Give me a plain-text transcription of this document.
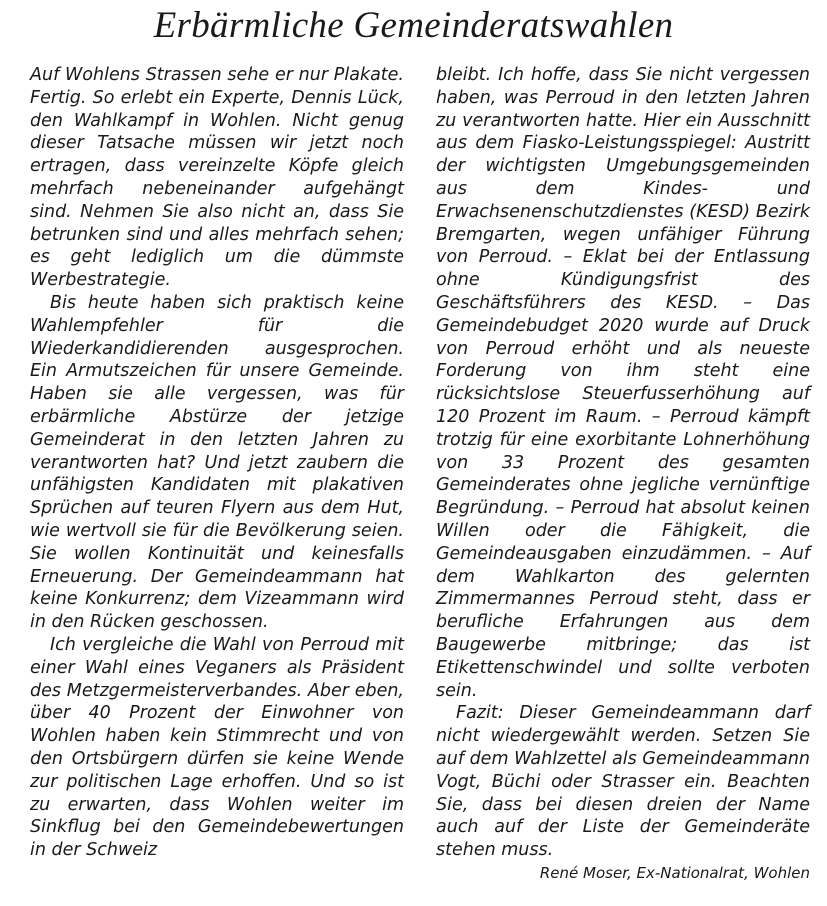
Erbärmliche Gemeinderatswahlen

Auf Wohlens Strassen sehe er nur Plakate. Fertig. So erlebt ein Experte, Dennis Lück, den Wahlkampf in Wohlen. Nicht genug dieser Tatsache müssen wir jetzt noch ertragen, dass vereinzelte Köpfe gleich mehrfach nebeneinander aufgehängt sind. Nehmen Sie also nicht an, dass Sie betrunken sind und alles mehrfach sehen; es geht lediglich um die dümmste Werbestrategie.

Bis heute haben sich praktisch keine Wahlempfehler für die Wiederkandidierenden ausgesprochen. Ein Armutszeichen für unsere Gemeinde. Haben sie alle vergessen, was für erbärmliche Abstürze der jetzige Gemeinderat in den letzten Jahren zu verantworten hat? Und jetzt zaubern die unfähigsten Kandidaten mit plakativen Sprüchen auf teuren Flyern aus dem Hut, wie wertvoll sie für die Bevölkerung seien. Sie wollen Kontinuität und keinesfalls Erneuerung. Der Gemeindeammann hat keine Konkurrenz; dem Vizeammann wird in den Rücken geschossen.

Ich vergleiche die Wahl von Perroud mit einer Wahl eines Veganers als Präsident des Metzgermeisterverbandes. Aber eben, über 40 Prozent der Einwohner von Wohlen haben kein Stimmrecht und von den Ortsbürgern dürfen sie keine Wende zur politischen Lage erhoffen. Und so ist zu erwarten, dass Wohlen weiter im Sinkflug bei den Gemeindebewertungen in der Schweiz

bleibt. Ich hoffe, dass Sie nicht vergessen haben, was Perroud in den letzten Jahren zu verantworten hatte. Hier ein Ausschnitt aus dem Fiasko-Leistungsspiegel: Austritt der wichtigsten Umgebungsgemeinden aus dem Kindes- und Erwachsenenschutzdienstes (KESD) Bezirk Bremgarten, wegen unfähiger Führung von Perroud. – Eklat bei der Entlassung ohne Kündigungsfrist des Geschäftsführers des KESD. – Das Gemeindebudget 2020 wurde auf Druck von Perroud erhöht und als neueste Forderung von ihm steht eine rücksichtslose Steuerfusserhöhung auf 120 Prozent im Raum. – Perroud kämpft trotzig für eine exorbitante Lohnerhöhung von 33 Prozent des gesamten Gemeinderates ohne jegliche vernünftige Begründung. – Perroud hat absolut keinen Willen oder die Fähigkeit, die Gemeindeausgaben einzudämmen. – Auf dem Wahlkarton des gelernten Zimmermannes Perroud steht, dass er berufliche Erfahrungen aus dem Baugewerbe mitbringe; das ist Etikettenschwindel und sollte verboten sein.

Fazit: Dieser Gemeindeammann darf nicht wiedergewählt werden. Setzen Sie auf dem Wahlzettel als Gemeindeammann Vogt, Büchi oder Strasser ein. Beachten Sie, dass bei diesen dreien der Name auch auf der Liste der Gemeinderäte stehen muss.

René Moser, Ex-Nationalrat, Wohlen
